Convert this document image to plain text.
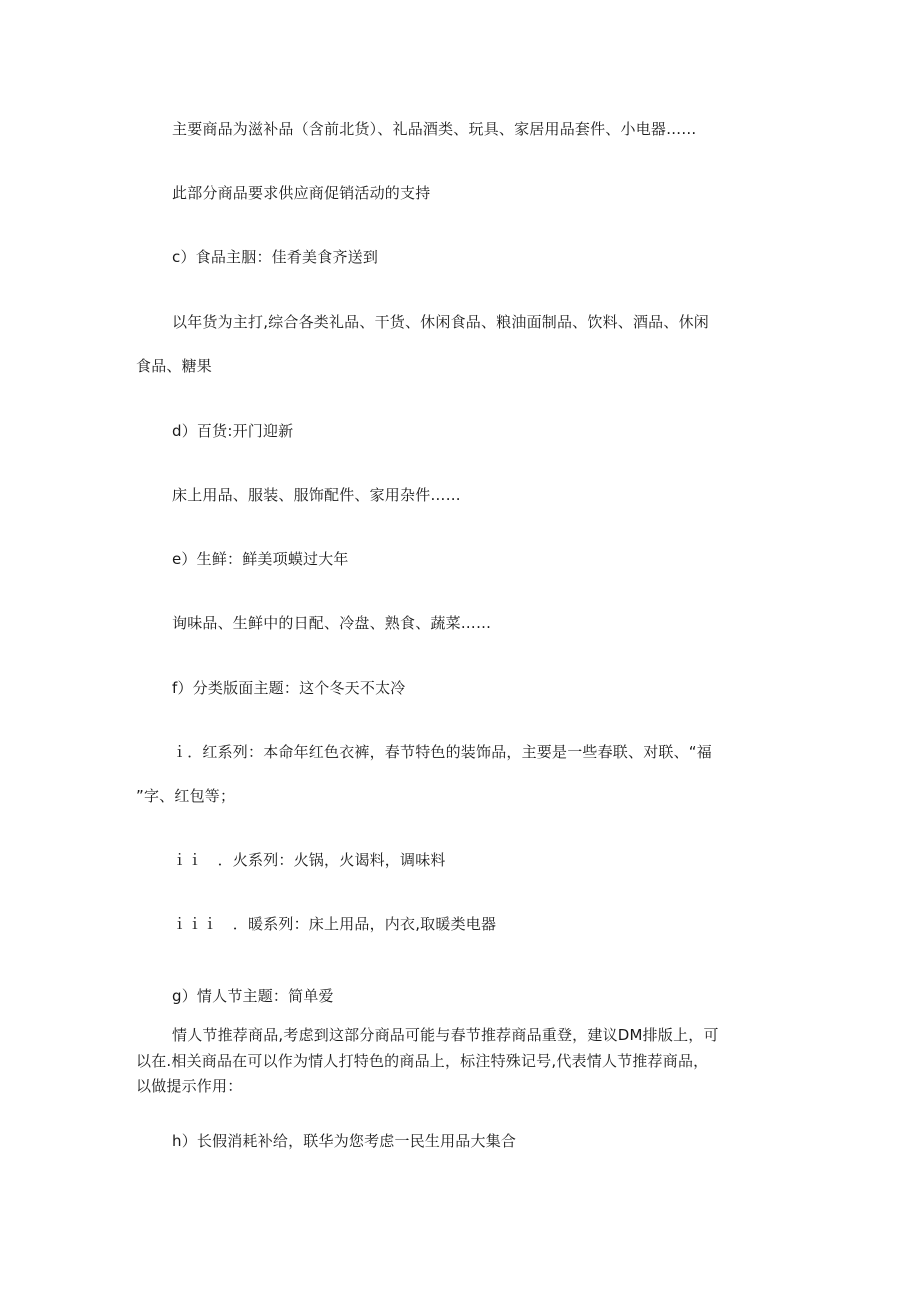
主要商品为滋补品（含前北货）、礼品酒类、玩具、家居用品套件、小电器……
此部分商品要求供应商促销活动的支持
c）食品主胭：佳肴美食齐送到
以年货为主打,综合各类礼品、干货、休闲食品、粮油面制品、饮料、酒品、休闲
食品、糖果
d）百货:开门迎新
床上用品、服装、服饰配件、家用杂件……
e）生鲜：鲜美项蟆过大年
询味品、生鲜中的日配、冷盘、熟食、蔬菜……
f）分类版面主题：这个冬天不太冷
ｉ．红系列：本命年红色衣裤，春节特色的装饰品，主要是一些春联、对联、“福
”字、红包等；
ｉｉ　．火系列：火锅，火谒料，调味料
ｉｉｉ　．暖系列：床上用品，内衣,取暖类电器
g）情人节主题：简单爱
情人节推荐商品,考虑到这部分商品可能与春节推荐商品重登，建议DM排版上，可
以在.相关商品在可以作为情人打特色的商品上，标注特殊记号,代表情人节推荐商品，
以做提示作用：
h）长假消耗补给，联华为您考虑一民生用品大集合
